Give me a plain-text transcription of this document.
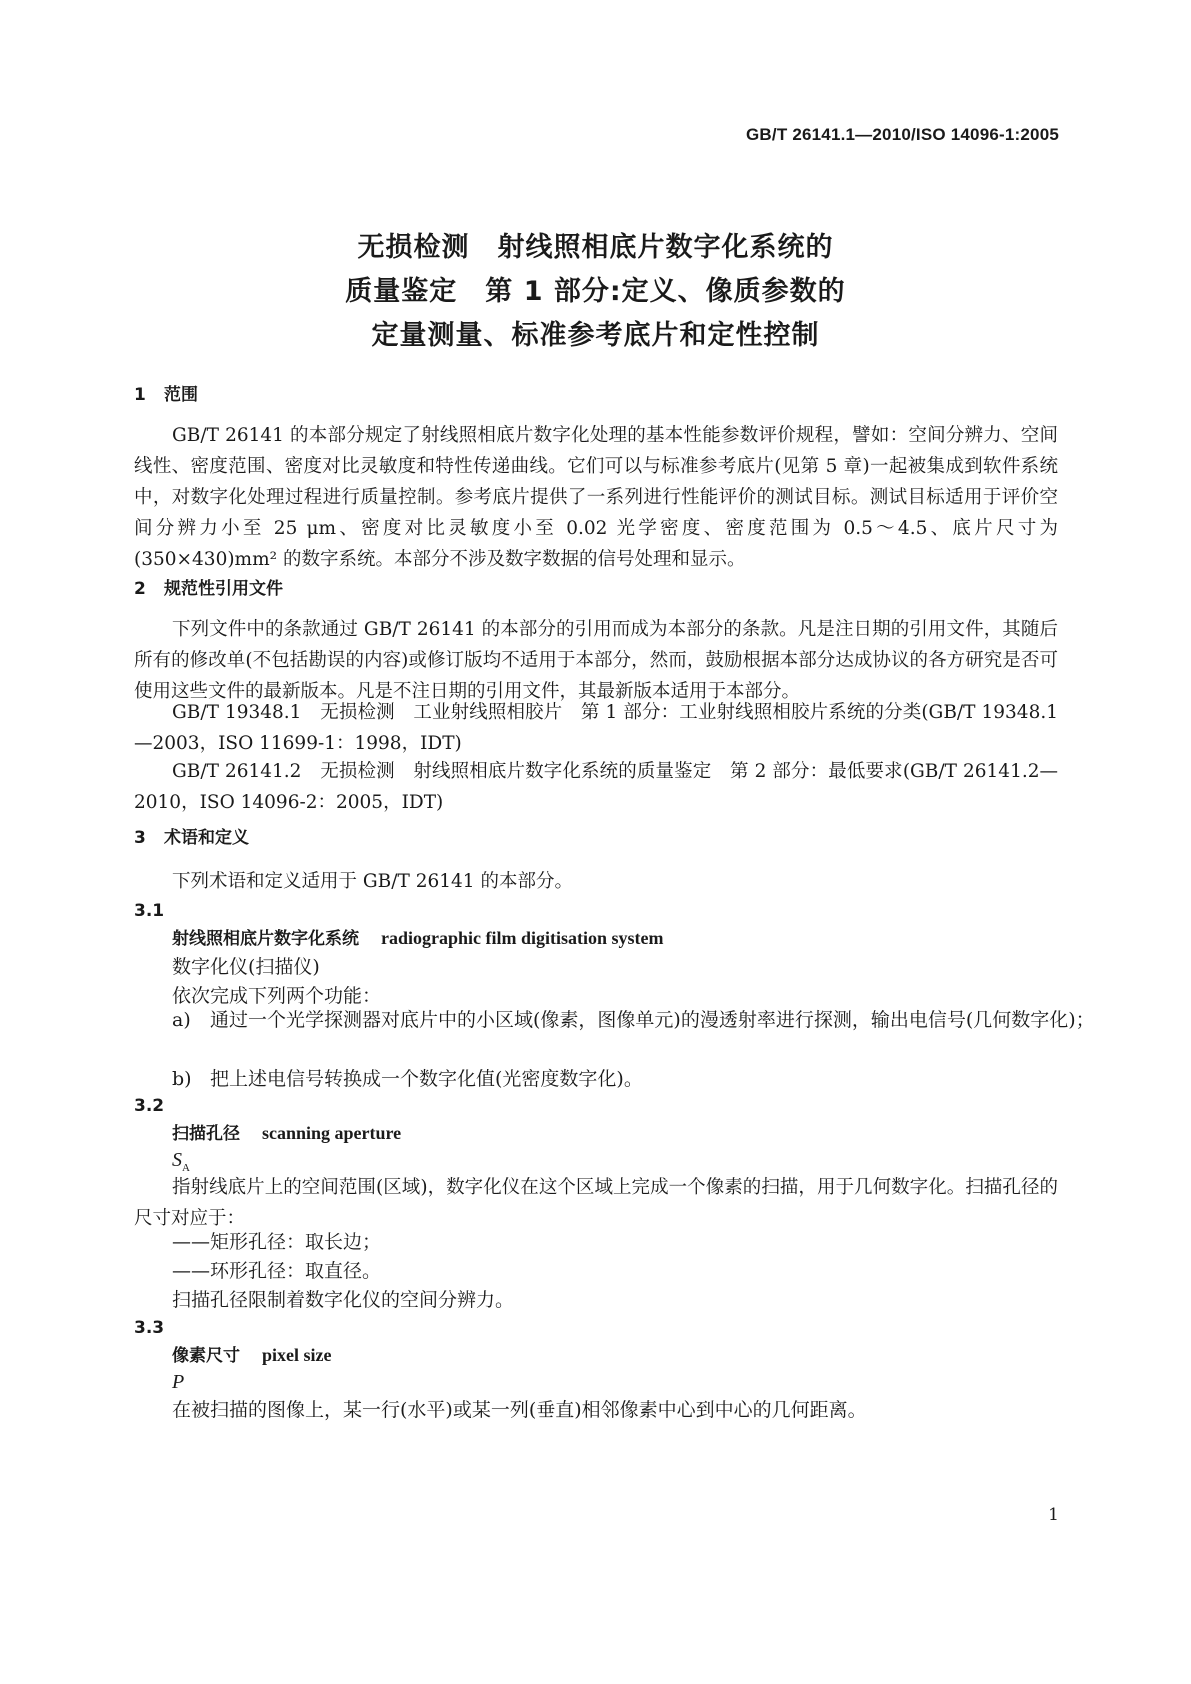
GB/T 26141.1—2010/ISO 14096-1:2005
无损检测　射线照相底片数字化系统的
质量鉴定　第 1 部分:定义、像质参数的
定量测量、标准参考底片和定性控制
1 范围
GB/T 26141 的本部分规定了射线照相底片数字化处理的基本性能参数评价规程，譬如：空间分辨力、空间线性、密度范围、密度对比灵敏度和特性传递曲线。它们可以与标准参考底片(见第 5 章)一起被集成到软件系统中，对数字化处理过程进行质量控制。参考底片提供了一系列进行性能评价的测试目标。测试目标适用于评价空间分辨力小至 25 μm、密度对比灵敏度小至 0.02 光学密度、密度范围为 0.5～4.5、底片尺寸为(350×430)mm² 的数字系统。本部分不涉及数字数据的信号处理和显示。
2 规范性引用文件
下列文件中的条款通过 GB/T 26141 的本部分的引用而成为本部分的条款。凡是注日期的引用文件，其随后所有的修改单(不包括勘误的内容)或修订版均不适用于本部分，然而，鼓励根据本部分达成协议的各方研究是否可使用这些文件的最新版本。凡是不注日期的引用文件，其最新版本适用于本部分。
GB/T 19348.1　无损检测　工业射线照相胶片　第 1 部分：工业射线照相胶片系统的分类(GB/T 19348.1—2003，ISO 11699-1：1998，IDT)
GB/T 26141.2　无损检测　射线照相底片数字化系统的质量鉴定　第 2 部分：最低要求(GB/T 26141.2—2010，ISO 14096-2：2005，IDT)
3 术语和定义
下列术语和定义适用于 GB/T 26141 的本部分。
3.1
射线照相底片数字化系统 radiographic film digitisation system
数字化仪(扫描仪)
依次完成下列两个功能：
a) 通过一个光学探测器对底片中的小区域(像素，图像单元)的漫透射率进行探测，输出电信号(几何数字化)；
b) 把上述电信号转换成一个数字化值(光密度数字化)。
3.2
扫描孔径 scanning aperture
$S_A$
指射线底片上的空间范围(区域)，数字化仪在这个区域上完成一个像素的扫描，用于几何数字化。扫描孔径的尺寸对应于：
——矩形孔径：取长边；
——环形孔径：取直径。
扫描孔径限制着数字化仪的空间分辨力。
3.3
像素尺寸 pixel size
P
在被扫描的图像上，某一行(水平)或某一列(垂直)相邻像素中心到中心的几何距离。
1
